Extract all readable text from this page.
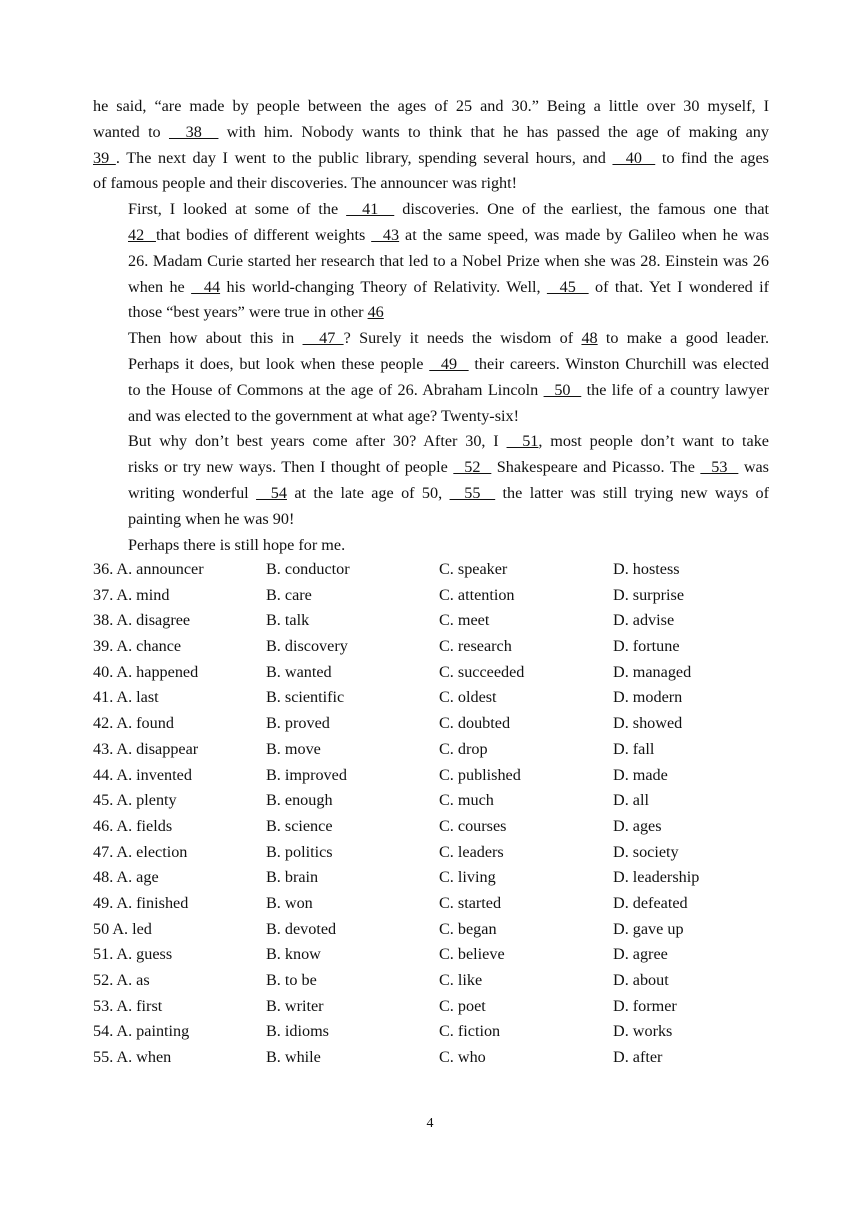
he said, “are made by people between the ages of 25 and 30.” Being a little over 30 myself, I
wanted to   38   with him. Nobody wants to think that he has passed the age of making any
39 . The next day I went to the public library, spending several hours, and   40   to find the ages
of famous people and their discoveries. The announcer was right!

First, I looked at some of the   41   discoveries. One of the earliest, the famous one that
42  that bodies of different weights   43 at the same speed, was made by Galileo when he was
26. Madam Curie started her research that led to a Nobel Prize when she was 28. Einstein was 26
when he   44 his world-changing Theory of Relativity. Well,   45   of that. Yet I wondered if
those “best years” were true in other 46

Then how about this in   47 ? Surely it needs the wisdom of 48 to make a good leader.
Perhaps it does, but look when these people   49   their careers. Winston Churchill was elected
to the House of Commons at the age of 26. Abraham Lincoln   50   the life of a country lawyer
and was elected to the government at what age? Twenty-six!

But why don’t best years come after 30? After 30, I   51, most people don’t want to take
risks or try new ways. Then I thought of people   52   Shakespeare and Picasso. The   53   was
writing wonderful   54 at the late age of 50,   55   the latter was still trying new ways of
painting when he was 90!

Perhaps there is still hope for me.

36. A. announcer	B. conductor	C. speaker	D. hostess
37. A. mind	B. care	C. attention	D. surprise
38. A. disagree	B. talk	C. meet	D. advise
39. A. chance	B. discovery	C. research	D. fortune
40. A. happened	B. wanted	C. succeeded	D. managed
41. A. last	B. scientific	C. oldest	D. modern
42. A. found	B. proved	C. doubted	D. showed
43. A. disappear	B. move	C. drop	D. fall
44. A. invented	B. improved	C. published	D. made
45. A. plenty	B. enough	C. much	D. all
46. A. fields	B. science	C. courses	D. ages
47. A. election	B. politics	C. leaders	D. society
48. A. age	B. brain	C. living	D. leadership
49. A. finished	B. won	C. started	D. defeated
50 A. led	B. devoted	C. began	D. gave up
51. A. guess	B. know	C. believe	D. agree
52. A. as	B. to be	C. like	D. about
53. A. first	B. writer	C. poet	D. former
54. A. painting	B. idioms	C. fiction	D. works
55. A. when	B. while	C. who	D. after
4
